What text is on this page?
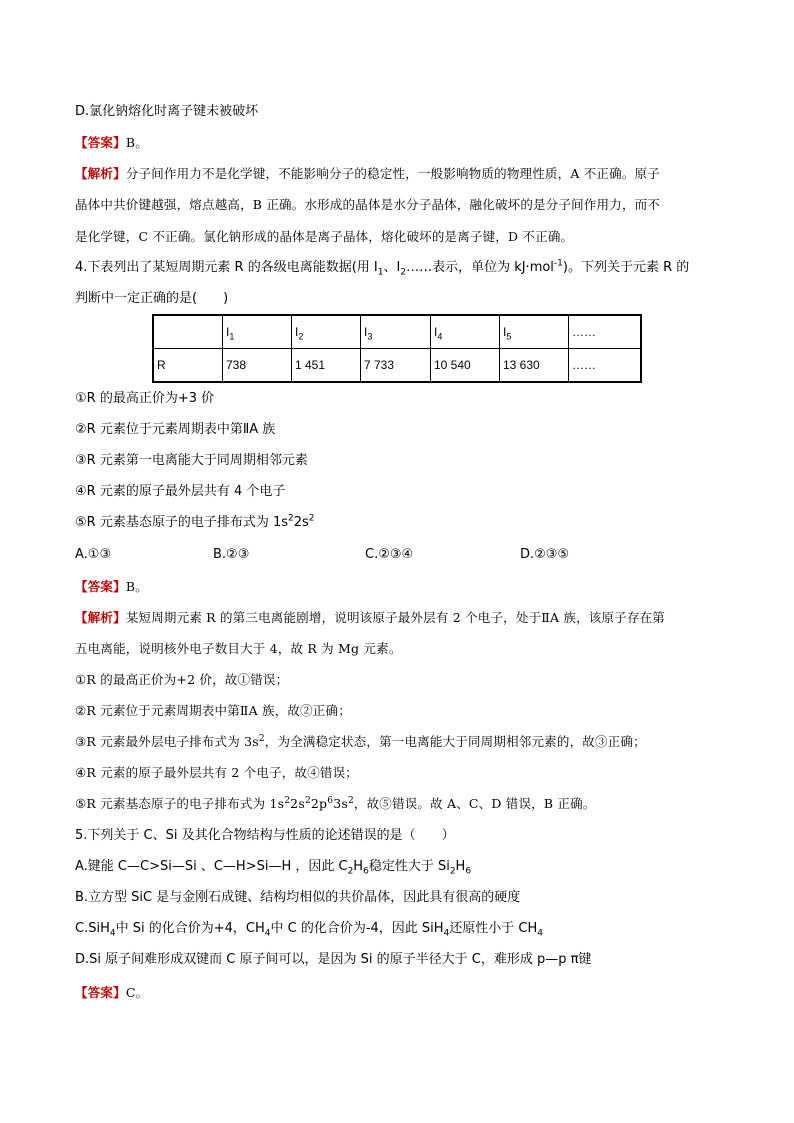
D.氯化钠熔化时离子键未被破坏
【答案】B。
【解析】分子间作用力不是化学键，不能影响分子的稳定性，一般影响物质的物理性质，A 不正确。原子
晶体中共价键越强，熔点越高，B 正确。水形成的晶体是水分子晶体，融化破坏的是分子间作用力，而不
是化学键，C 不正确。氯化钠形成的晶体是离子晶体，熔化破坏的是离子键，D 不正确。
4.下表列出了某短周期元素 R 的各级电离能数据(用 $I_1$、$I_2\dots\dots$表示，单位为 kJ·mol$^{-1}$)。下列关于元素 R 的
判断中一定正确的是(　　)
	$I_1$	$I_2$	$I_3$	$I_4$	$I_5$	……
R	738	1 451	7 733	10 540	13 630	……
①R 的最高正价为+3 价
②R 元素位于元素周期表中第ⅡA 族
③R 元素第一电离能大于同周期相邻元素
④R 元素的原子最外层共有 4 个电子
⑤R 元素基态原子的电子排布式为 $1s^22s^2$
A.①③	B.②③	C.②③④	D.②③⑤
【答案】B。
【解析】某短周期元素 R 的第三电离能剧增，说明该原子最外层有 2 个电子，处于ⅡA 族，该原子存在第
五电离能，说明核外电子数目大于 4，故 R 为 Mg 元素。
①R 的最高正价为+2 价，故①错误；
②R 元素位于元素周期表中第ⅡA 族，故②正确；
③R 元素最外层电子排布式为 $3s^2$，为全满稳定状态，第一电离能大于同周期相邻元素的，故③正确；
④R 元素的原子最外层共有 2 个电子，故④错误；
⑤R 元素基态原子的电子排布式为 $1s^22s^22p^63s^2$，故⑤错误。故 A、C、D 错误，B 正确。
5.下列关于 C、Si 及其化合物结构与性质的论述错误的是（　　）
A.键能 C—C>Si—Si 、C—H>Si—H ，因此 $C_2H_6$稳定性大于 $Si_2H_6$
B.立方型 SiC 是与金刚石成键、结构均相似的共价晶体，因此具有很高的硬度
C.SiH$_4$中 Si 的化合价为+4，$CH_4$中 C 的化合价为-4，因此 SiH$_4$还原性小于 $CH_4$
D.Si 原子间难形成双键而 C 原子间可以，是因为 Si 的原子半径大于 C，难形成 p—p π键
【答案】C。
